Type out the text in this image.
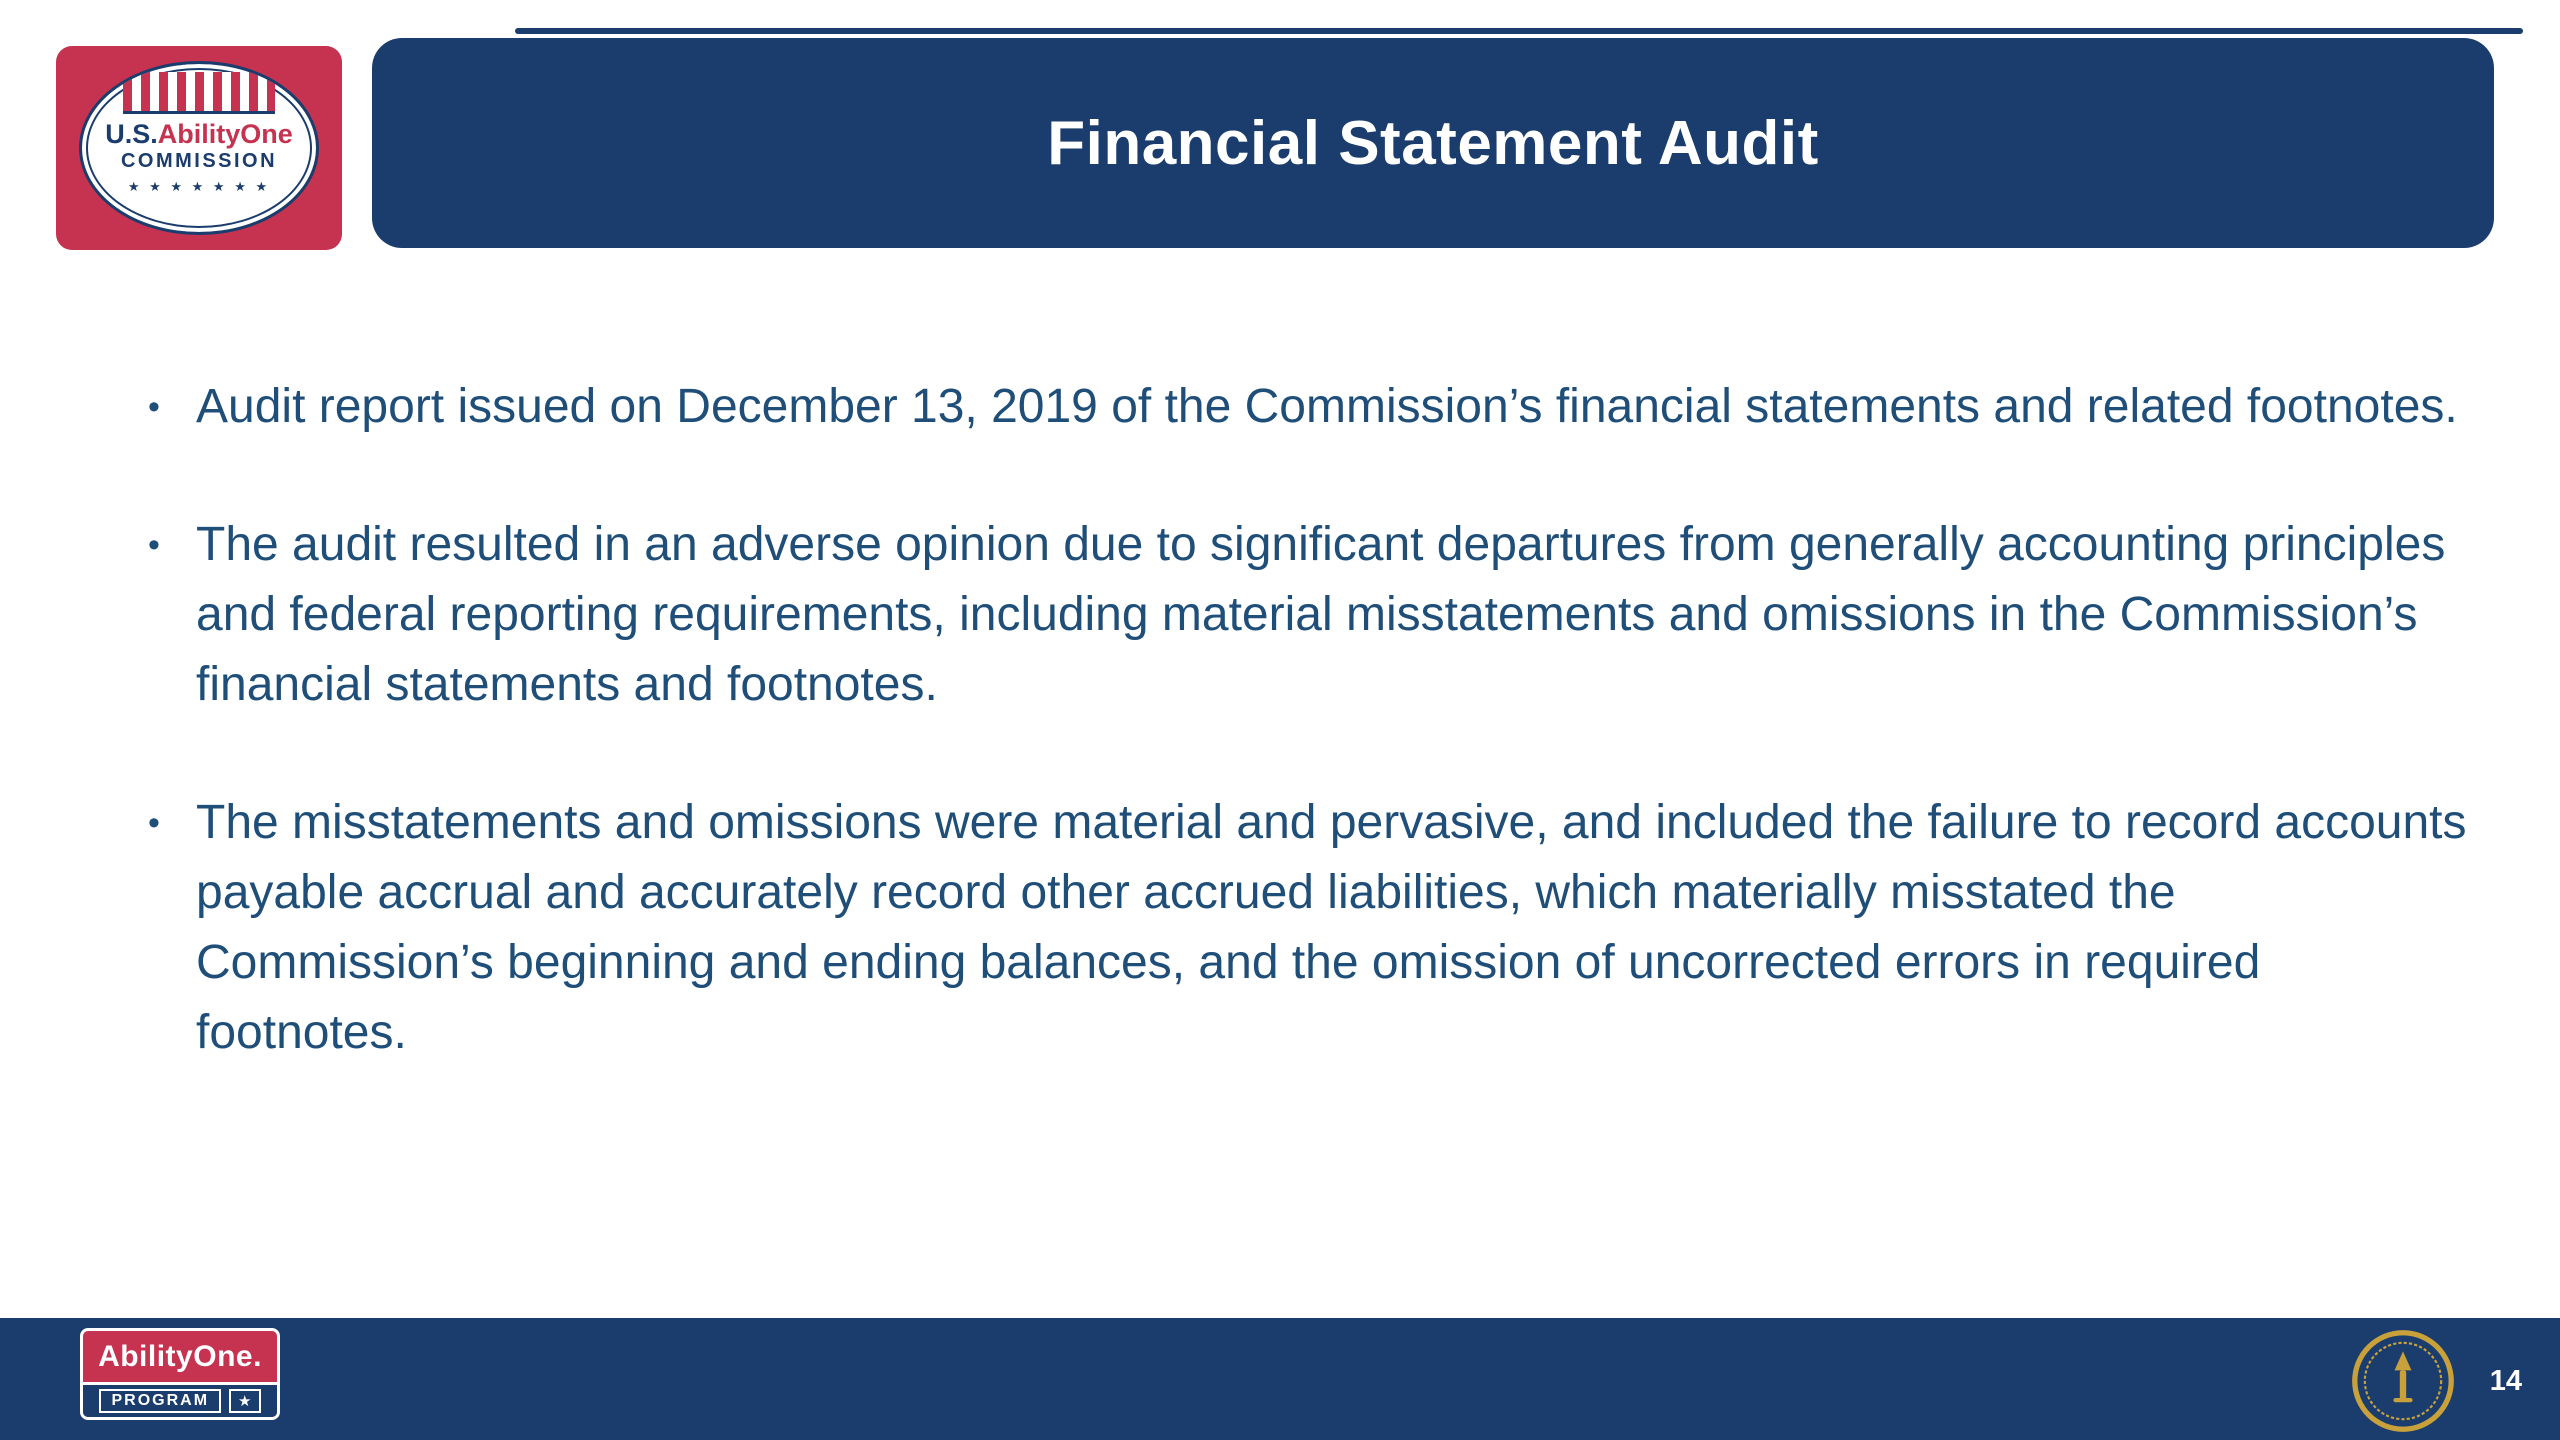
U.S.AbilityOne
COMMISSION
★ ★ ★ ★ ★ ★ ★
Financial Statement Audit
• Audit report issued on December 13, 2019 of the Commission’s financial statements and related footnotes.
• The audit resulted in an adverse opinion due to significant departures from generally accounting principles and federal reporting requirements, including material misstatements and omissions in the Commission’s financial statements and footnotes.
• The misstatements and omissions were material and pervasive, and included the failure to record accounts payable accrual and accurately record other accrued liabilities, which materially misstated the Commission’s beginning and ending balances, and the omission of uncorrected errors in required footnotes.
AbilityOne.
PROGRAM	★
14
